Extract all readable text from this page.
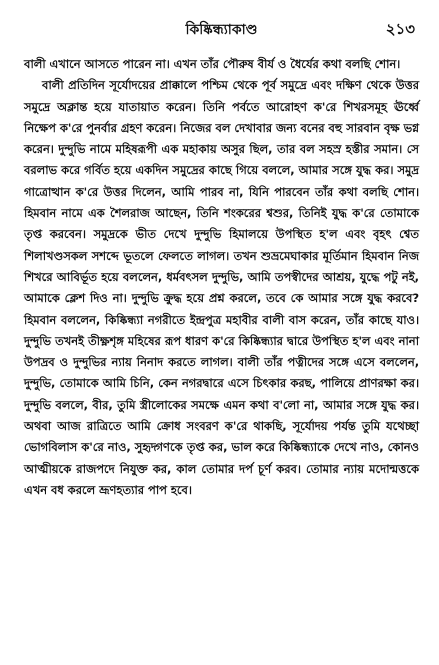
কিষ্কিন্ধ্যাকাণ্ড	২১৩

বালী এখানে আসতে পারেন না। এখন তাঁর পৌরুষ বীর্য ও ধৈর্যের কথা বলছি শোন।

বালী প্রতিদিন সূর্যোদয়ের প্রাক্কালে পশ্চিম থেকে পূর্ব সমুদ্রে এবং দক্ষিণ থেকে উত্তর সমুদ্রে অক্লান্ত হয়ে যাতায়াত করেন। তিনি পর্বতে আরোহণ ক'রে শিখরসমূহ ঊর্ধ্বে নিক্ষেপ ক'রে পুনর্বার গ্রহণ করেন। নিজের বল দেখাবার জন্য বনের বহু সারবান বৃক্ষ ভগ্ন করেন। দুন্দুভি নামে মহিষরূপী এক মহাকায় অসুর ছিল, তার বল সহস্র হস্তীর সমান। সে বরলাভ করে গর্বিত হয়ে একদিন সমুদ্রের কাছে গিয়ে বললে, আমার সঙ্গে যুদ্ধ কর। সমুদ্র গাত্রোত্থান ক'রে উত্তর দিলেন, আমি পারব না, যিনি পারবেন তাঁর কথা বলছি শোন। হিমবান নামে এক শৈলরাজ আছেন, তিনি শংকরের শ্বশুর, তিনিই যুদ্ধ ক'রে তোমাকে তৃপ্ত করবেন। সমুদ্রকে ভীত দেখে দুন্দুভি হিমালয়ে উপস্থিত হ'ল এবং বৃহৎ শ্বেত শিলাখণ্ডসকল সশব্দে ভূতলে ফেলতে লাগল। তখন শুভ্রমেঘাকার মূর্তিমান হিমবান নিজ শিখরে আবির্ভূত হয়ে বললেন, ধর্মবৎসল দুন্দুভি, আমি তপস্বীদের আশ্রয়, যুদ্ধে পটু নই, আমাকে ক্লেশ দিও না। দুন্দুভি ক্রুদ্ধ হয়ে প্রশ্ন করলে, তবে কে আমার সঙ্গে যুদ্ধ করবে? হিমবান বললেন, কিষ্কিন্ধ্যা নগরীতে ইন্দ্রপুত্র মহাবীর বালী বাস করেন, তাঁর কাছে যাও। দুন্দুভি তখনই তীক্ষ্ণশৃঙ্গ মহিষের রূপ ধারণ ক'রে কিষ্কিন্ধ্যার দ্বারে উপস্থিত হ'ল এবং নানা উপদ্রব ও দুন্দুভির ন্যায় নিনাদ করতে লাগল। বালী তাঁর পত্নীদের সঙ্গে এসে বললেন, দুন্দুভি, তোমাকে আমি চিনি, কেন নগরদ্বারে এসে চিৎকার করছ, পালিয়ে প্রাণরক্ষা কর। দুন্দুভি বললে, বীর, তুমি স্ত্রীলোকের সমক্ষে এমন কথা ব'লো না, আমার সঙ্গে যুদ্ধ কর। অথবা আজ রাত্রিতে আমি ক্রোধ সংবরণ ক'রে থাকছি, সূর্যোদয় পর্যন্ত তুমি যথেচ্ছা ভোগবিলাস ক'রে নাও, সুহৃদ্গণকে তৃপ্ত কর, ভাল করে কিষ্কিন্ধ্যাকে দেখে নাও, কোনও আত্মীয়কে রাজপদে নিযুক্ত কর, কাল তোমার দর্প চূর্ণ করব। তোমার ন্যায় মদোন্মত্তকে এখন বধ করলে ভ্রূণহত্যার পাপ হবে।
